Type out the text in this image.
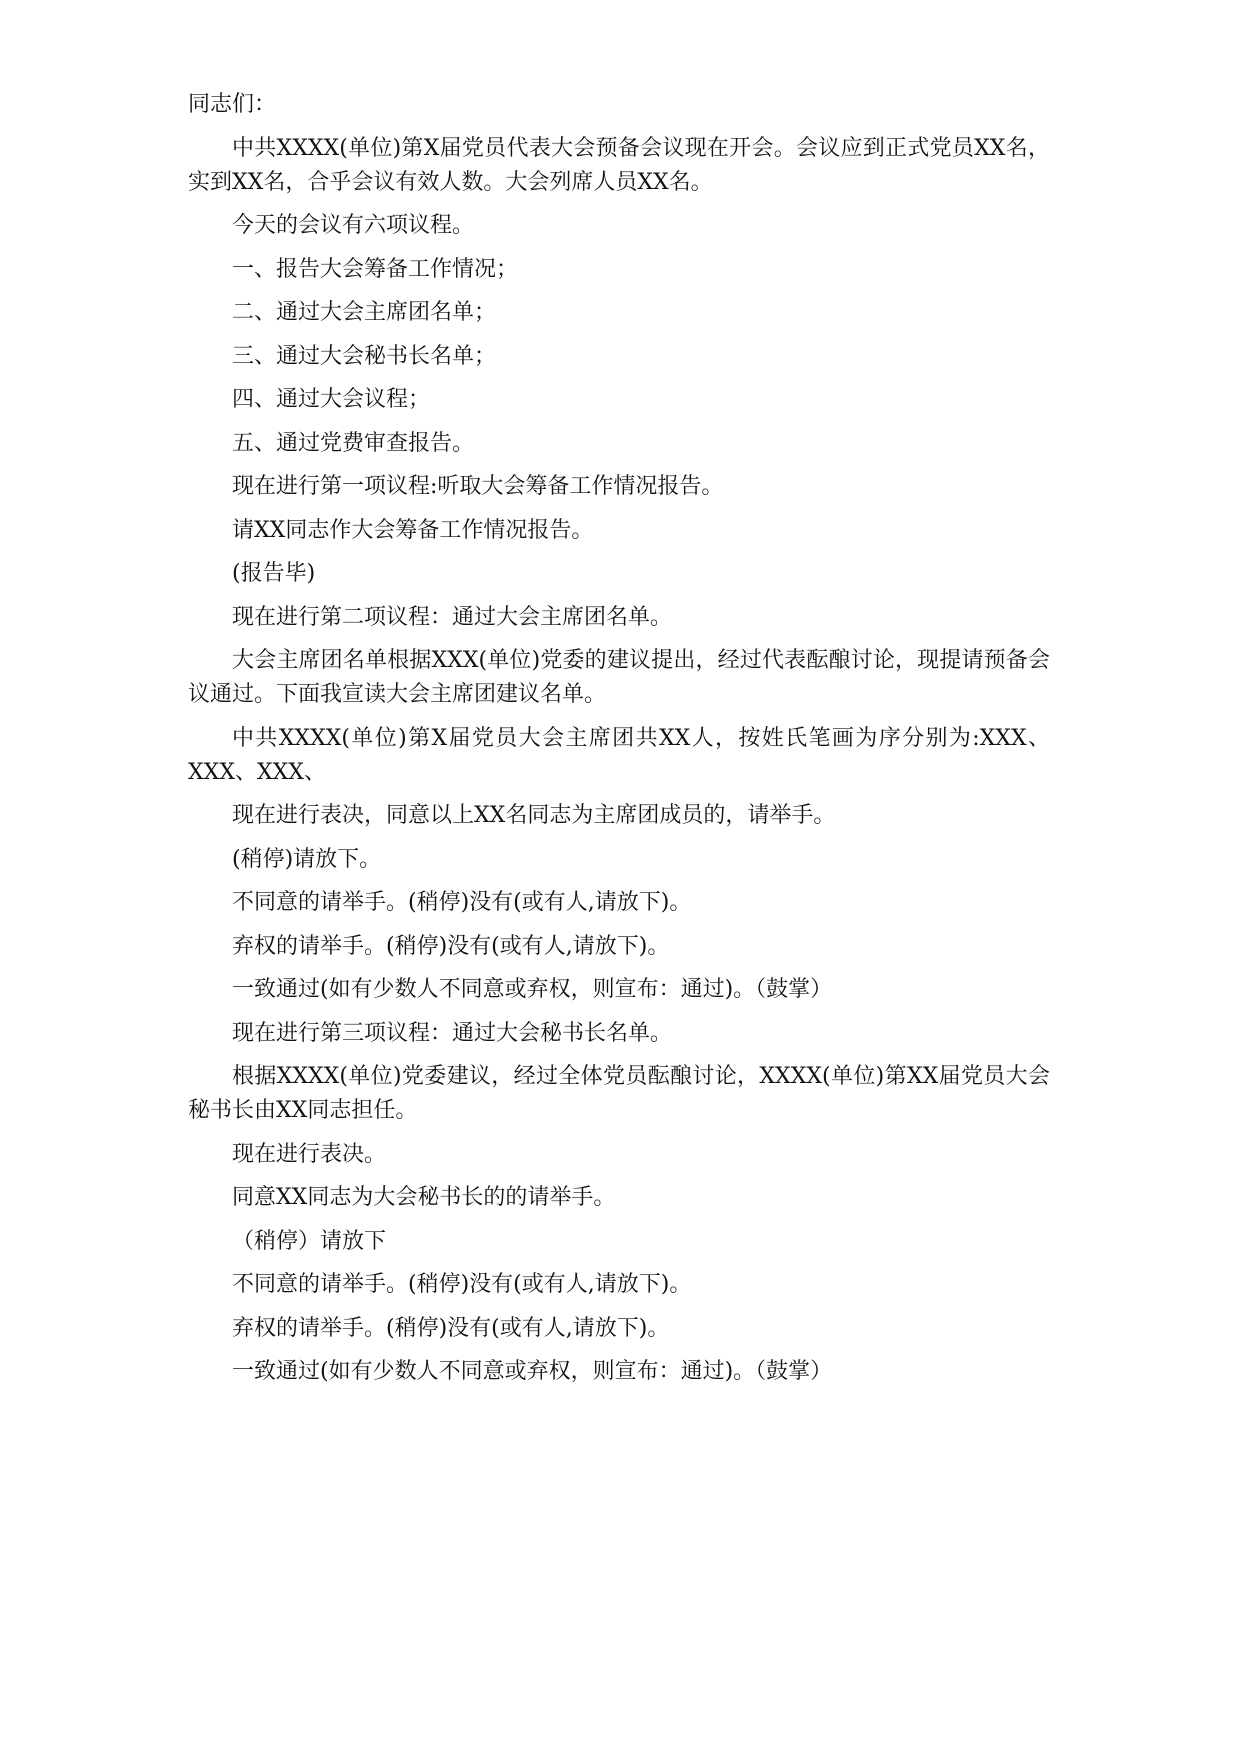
同志们：

中共XXXX(单位)第X届党员代表大会预备会议现在开会。会议应到正式党员XX名，实到XX名，合乎会议有效人数。大会列席人员XX名。

今天的会议有六项议程。

一、报告大会筹备工作情况；

二、通过大会主席团名单；

三、通过大会秘书长名单；

四、通过大会议程；

五、通过党费审查报告。

现在进行第一项议程:听取大会筹备工作情况报告。

请XX同志作大会筹备工作情况报告。

(报告毕)

现在进行第二项议程：通过大会主席团名单。

大会主席团名单根据XXX(单位)党委的建议提出，经过代表酝酿讨论，现提请预备会议通过。下面我宣读大会主席团建议名单。

中共XXXX(单位)第X届党员大会主席团共XX人，按姓氏笔画为序分别为:XXX、XXX、XXX、

现在进行表决，同意以上XX名同志为主席团成员的，请举手。

(稍停)请放下。

不同意的请举手。(稍停)没有(或有人,请放下)。

弃权的请举手。(稍停)没有(或有人,请放下)。

一致通过(如有少数人不同意或弃权，则宣布：通过)。（鼓掌）

现在进行第三项议程：通过大会秘书长名单。

根据XXXX(单位)党委建议，经过全体党员酝酿讨论，XXXX(单位)第XX届党员大会秘书长由XX同志担任。

现在进行表决。

同意XX同志为大会秘书长的的请举手。

（稍停）请放下

不同意的请举手。(稍停)没有(或有人,请放下)。

弃权的请举手。(稍停)没有(或有人,请放下)。

一致通过(如有少数人不同意或弃权，则宣布：通过)。（鼓掌）
